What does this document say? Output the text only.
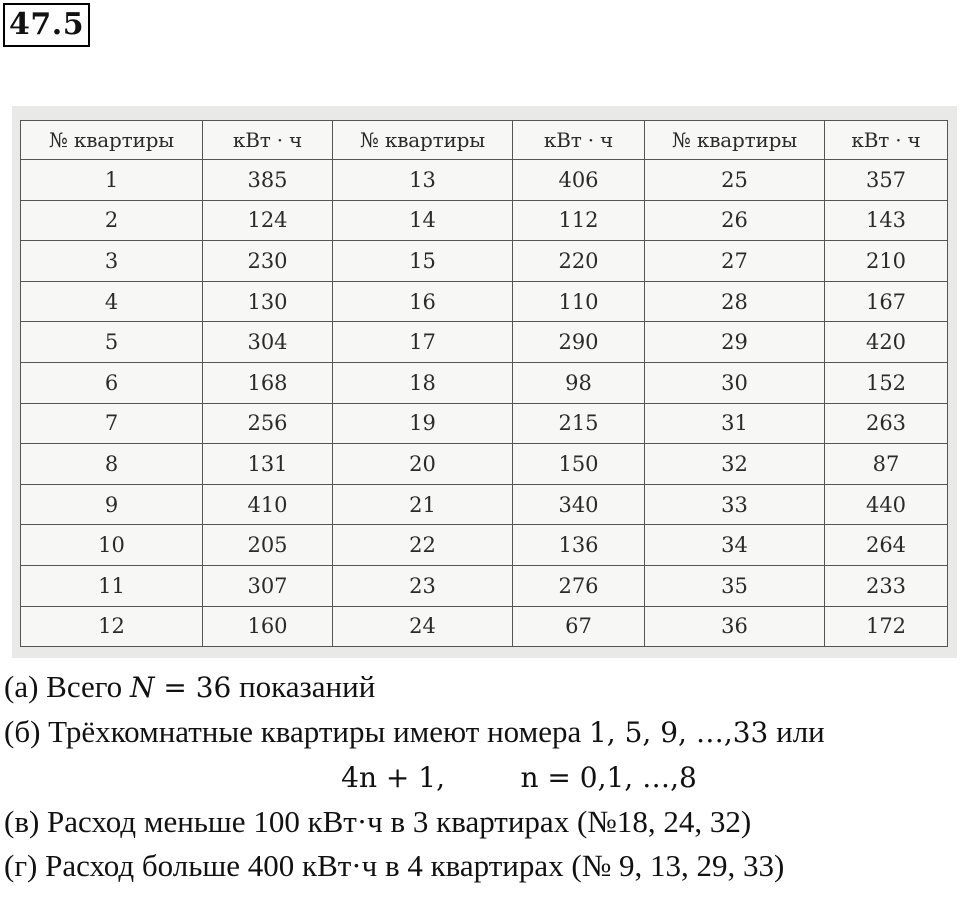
47.5
№ квартиры	кВт · ч	№ квартиры	кВт · ч	№ квартиры	кВт · ч
1	385	13	406	25	357
2	124	14	112	26	143
3	230	15	220	27	210
4	130	16	110	28	167
5	304	17	290	29	420
6	168	18	98	30	152
7	256	19	215	31	263
8	131	20	150	32	87
9	410	21	340	33	440
10	205	22	136	34	264
11	307	23	276	35	233
12	160	24	67	36	172

(а) Всего N = 36 показаний

(б) Трёхкомнатные квартиры имеют номера 1, 5, 9, …,33 или

4n + 1,	n = 0,1, …,8

(в) Расход меньше 100 кВт·ч в 3 квартирах (№18, 24, 32)

(г) Расход больше 400 кВт·ч в 4 квартирах (№ 9, 13, 29, 33)
